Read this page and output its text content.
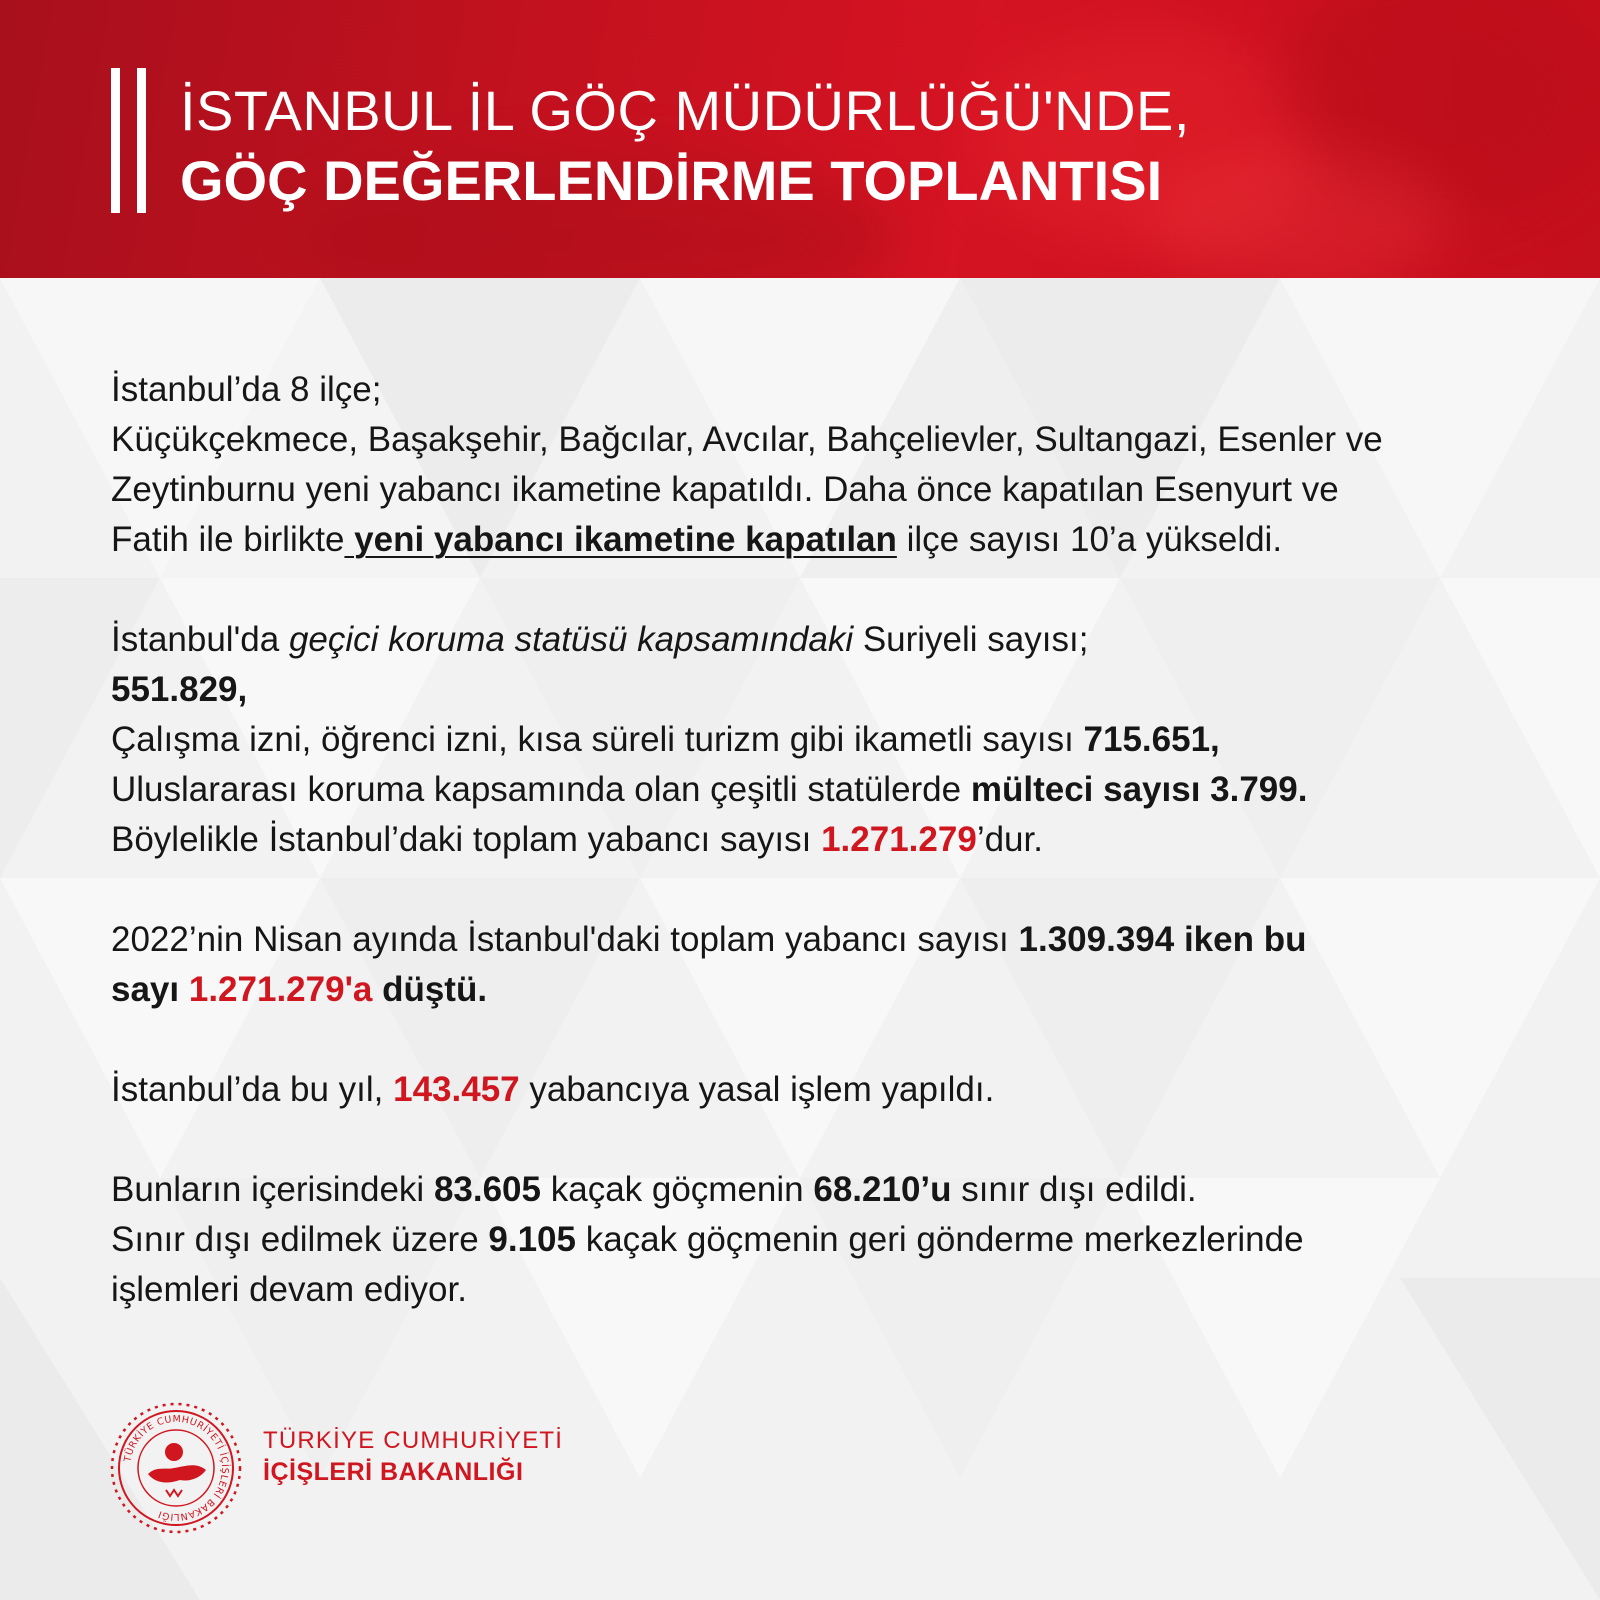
İSTANBUL İL GÖÇ MÜDÜRLÜĞÜ'NDE,
GÖÇ DEĞERLENDİRME TOPLANTISI

İstanbul’da 8 ilçe;

Küçükçekmece, Başakşehir, Bağcılar, Avcılar, Bahçelievler, Sultangazi, Esenler ve

Zeytinburnu yeni yabancı ikametine kapatıldı. Daha önce kapatılan Esenyurt ve

Fatih ile birlikte yeni yabancı ikametine kapatılan ilçe sayısı 10’a yükseldi.

İstanbul'da geçici koruma statüsü kapsamındaki Suriyeli sayısı;

551.829,

Çalışma izni, öğrenci izni, kısa süreli turizm gibi ikametli sayısı 715.651,

Uluslararası koruma kapsamında olan çeşitli statülerde mülteci sayısı 3.799.

Böylelikle İstanbul’daki toplam yabancı sayısı 1.271.279’dur.

2022’nin Nisan ayında İstanbul'daki toplam yabancı sayısı 1.309.394 iken bu

sayı 1.271.279'a düştü.

İstanbul’da bu yıl, 143.457 yabancıya yasal işlem yapıldı.

Bunların içerisindeki 83.605 kaçak göçmenin 68.210’u sınır dışı edildi.

Sınır dışı edilmek üzere 9.105 kaçak göçmenin geri gönderme merkezlerinde

işlemleri devam ediyor.

TÜRKİYE CUMHURİYETİ İÇİŞLERİ BAKANLIĞI
TÜRKİYE CUMHURİYETİ
İÇİŞLERİ BAKANLIĞI
